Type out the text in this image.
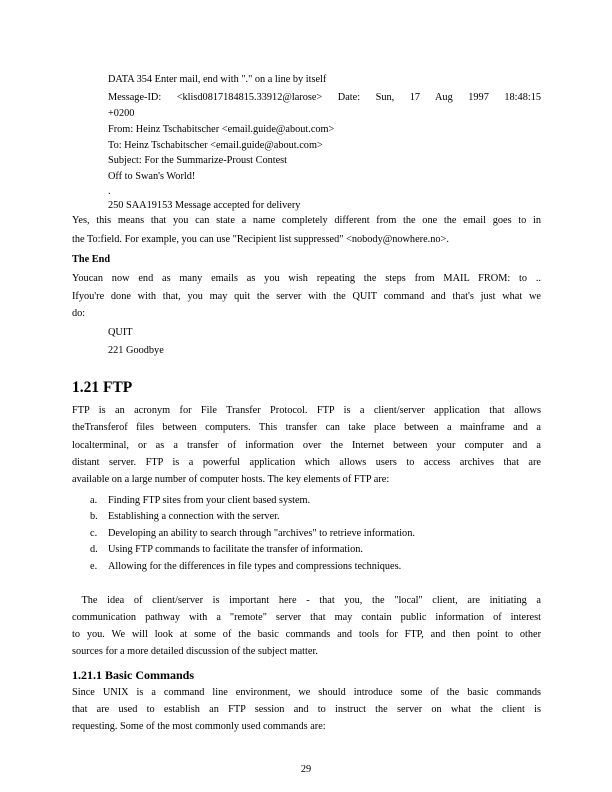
DATA 354 Enter mail, end with "." on a line by itself
Message-ID: <klisd0817184815.33912@larose> Date: Sun, 17 Aug 1997 18:48:15
+0200
From: Heinz Tschabitscher <email.guide@about.com>
To: Heinz Tschabitscher <email.guide@about.com>
Subject: For the Summarize-Proust Contest
Off to Swan's World!
.
250 SAA19153 Message accepted for delivery
Yes, this means that you can state a name completely different from the one the email goes to in
the To:field. For example, you can use "Recipient list suppressed" <nobody@nowhere.no>.
The End
Youcan now end as many emails as you wish repeating the steps from MAIL FROM: to ..
Ifyou're done with that, you may quit the server with the QUIT command and that's just what we
do:
QUIT
221 Goodbye
1.21 FTP
FTP is an acronym for File Transfer Protocol. FTP is a client/server application that allows
theTransferof files between computers. This transfer can take place between a mainframe and a
localterminal, or as a transfer of information over the Internet between your computer and a
distant server. FTP is a powerful application which allows users to access archives that are
available on a large number of computer hosts. The key elements of FTP are:
a. Finding FTP sites from your client based system.
b. Establishing a connection with the server.
c. Developing an ability to search through "archives" to retrieve information.
d. Using FTP commands to facilitate the transfer of information.
e. Allowing for the differences in file types and compressions techniques.
The idea of client/server is important here - that you, the "local" client, are initiating a
communication pathway with a "remote" server that may contain public information of interest
to you. We will look at some of the basic commands and tools for FTP, and then point to other
sources for a more detailed discussion of the subject matter.
1.21.1 Basic Commands
Since UNIX is a command line environment, we should introduce some of the basic commands
that are used to establish an FTP session and to instruct the server on what the client is
requesting. Some of the most commonly used commands are:
29
